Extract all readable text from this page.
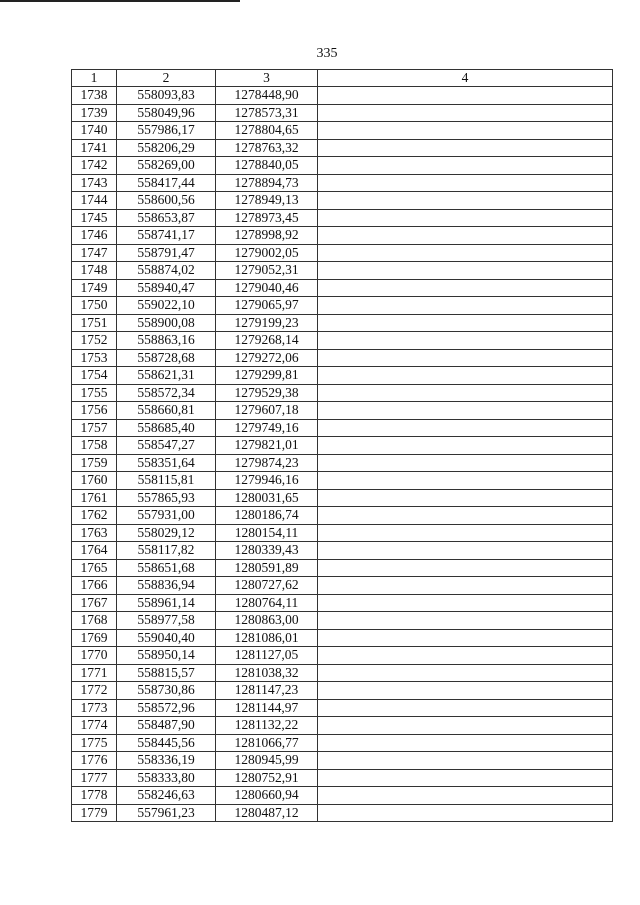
335
1	2	3	4
1738	558093,83	1278448,90	
1739	558049,96	1278573,31	
1740	557986,17	1278804,65	
1741	558206,29	1278763,32	
1742	558269,00	1278840,05	
1743	558417,44	1278894,73	
1744	558600,56	1278949,13	
1745	558653,87	1278973,45	
1746	558741,17	1278998,92	
1747	558791,47	1279002,05	
1748	558874,02	1279052,31	
1749	558940,47	1279040,46	
1750	559022,10	1279065,97	
1751	558900,08	1279199,23	
1752	558863,16	1279268,14	
1753	558728,68	1279272,06	
1754	558621,31	1279299,81	
1755	558572,34	1279529,38	
1756	558660,81	1279607,18	
1757	558685,40	1279749,16	
1758	558547,27	1279821,01	
1759	558351,64	1279874,23	
1760	558115,81	1279946,16	
1761	557865,93	1280031,65	
1762	557931,00	1280186,74	
1763	558029,12	1280154,11	
1764	558117,82	1280339,43	
1765	558651,68	1280591,89	
1766	558836,94	1280727,62	
1767	558961,14	1280764,11	
1768	558977,58	1280863,00	
1769	559040,40	1281086,01	
1770	558950,14	1281127,05	
1771	558815,57	1281038,32	
1772	558730,86	1281147,23	
1773	558572,96	1281144,97	
1774	558487,90	1281132,22	
1775	558445,56	1281066,77	
1776	558336,19	1280945,99	
1777	558333,80	1280752,91	
1778	558246,63	1280660,94	
1779	557961,23	1280487,12	
